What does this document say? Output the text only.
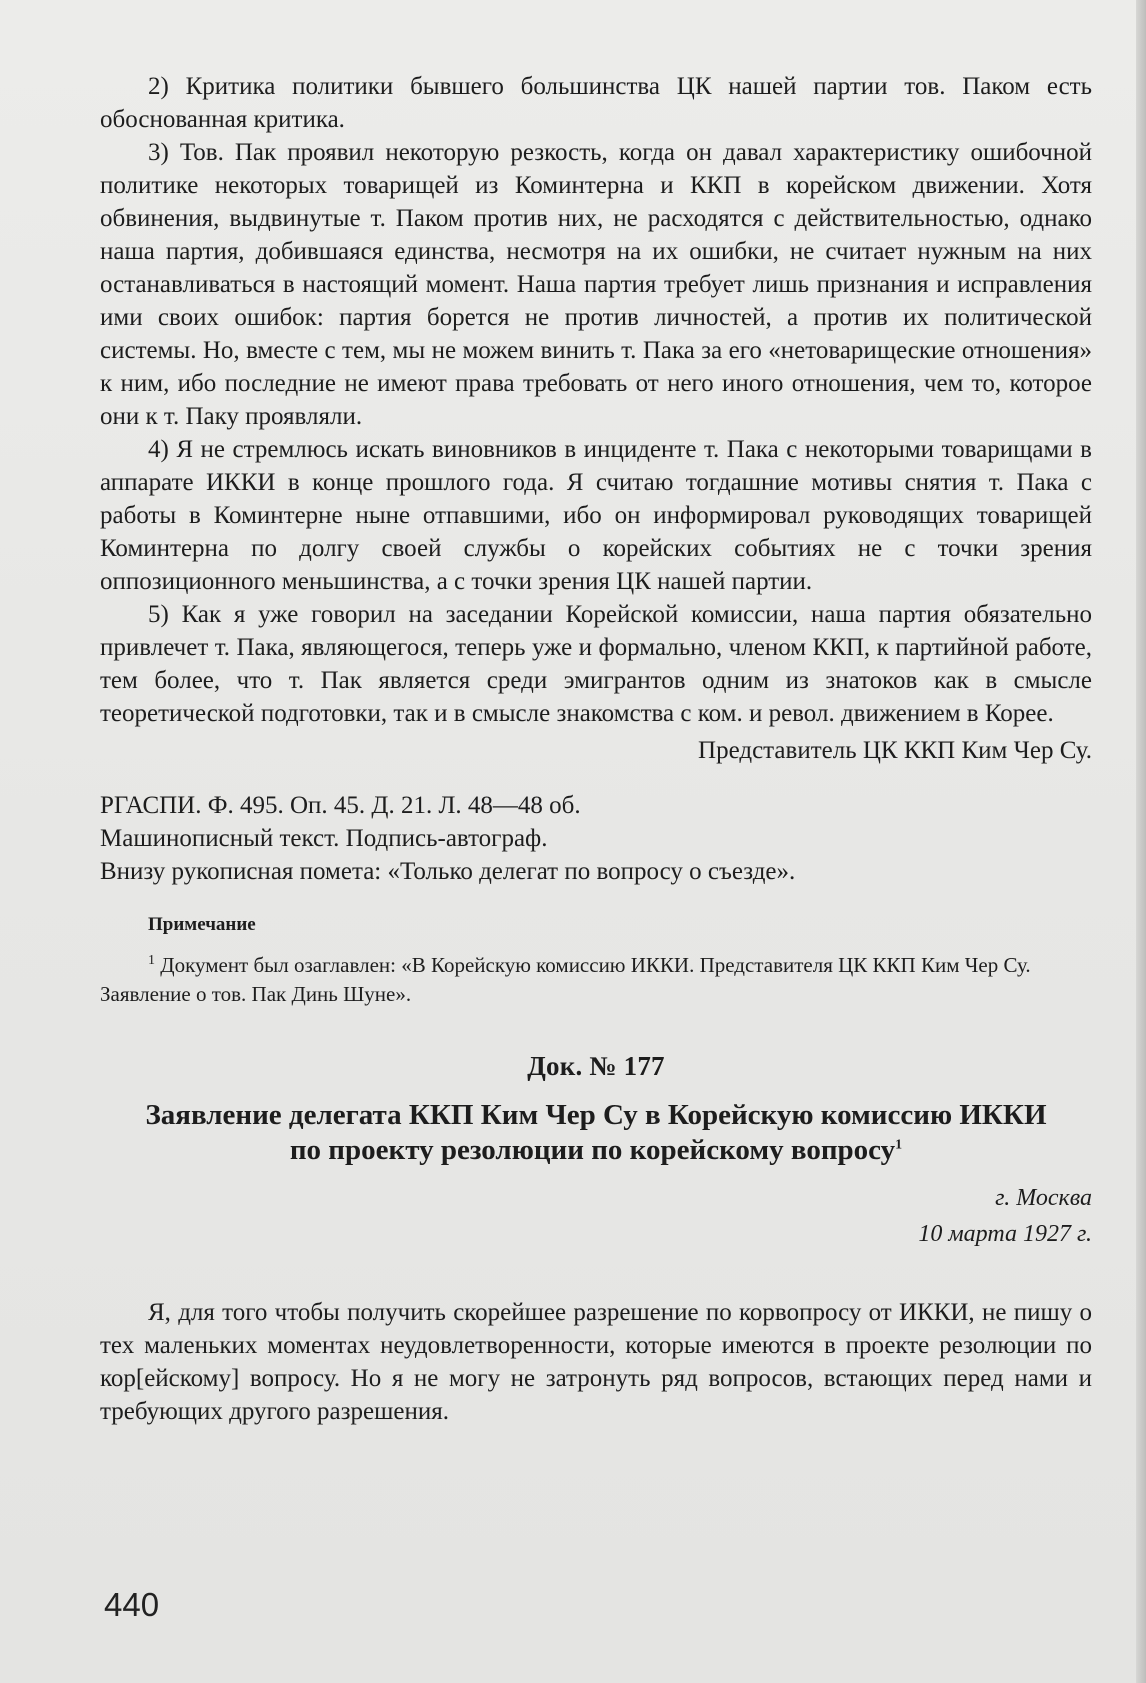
2) Критика политики бывшего большинства ЦК нашей партии тов. Паком есть обоснованная критика.

3) Тов. Пак проявил некоторую резкость, когда он давал характеристику ошибочной политике некоторых товарищей из Коминтерна и ККП в корейском движении. Хотя обвинения, выдвинутые т. Паком против них, не расходятся с действительностью, однако наша партия, добившаяся единства, несмотря на их ошибки, не считает нужным на них останавливаться в настоящий момент. Наша партия требует лишь признания и исправления ими своих ошибок: партия борется не против личностей, а против их политической системы. Но, вместе с тем, мы не можем винить т. Пака за его «нетоварищеские отношения» к ним, ибо последние не имеют права требовать от него иного отношения, чем то, которое они к т. Паку проявляли.

4) Я не стремлюсь искать виновников в инциденте т. Пака с некоторыми товарищами в аппарате ИККИ в конце прошлого года. Я считаю тогдашние мотивы снятия т. Пака с работы в Коминтерне ныне отпавшими, ибо он информировал руководящих товарищей Коминтерна по долгу своей службы о корейских событиях не с точки зрения оппозиционного меньшинства, а с точки зрения ЦК нашей партии.

5) Как я уже говорил на заседании Корейской комиссии, наша партия обязательно привлечет т. Пака, являющегося, теперь уже и формально, членом ККП, к партийной работе, тем более, что т. Пак является среди эмигрантов одним из знатоков как в смысле теоретической подготовки, так и в смысле знакомства с ком. и револ. движением в Корее.

Представитель ЦК ККП Ким Чер Су.

РГАСПИ. Ф. 495. Оп. 45. Д. 21. Л. 48—48 об.

Машинописный текст. Подпись-автограф.

Внизу рукописная помета: «Только делегат по вопросу о съезде».

Примечание
$^1$ Документ был озаглавлен: «В Корейскую комиссию ИККИ. Представителя ЦК ККП Ким Чер Су. Заявление о тов. Пак Динь Шуне».
Док. № 177
Заявление делегата ККП Ким Чер Су в Корейскую комиссию ИККИ
по проекту резолюции по корейскому вопросу$^1$
г. Москва
10 марта 1927 г.

Я, для того чтобы получить скорейшее разрешение по корвопросу от ИККИ, не пишу о тех маленьких моментах неудовлетворенности, которые имеются в проекте резолюции по кор[ейскому] вопросу. Но я не могу не затронуть ряд вопросов, встающих перед нами и требующих другого разрешения.

440
